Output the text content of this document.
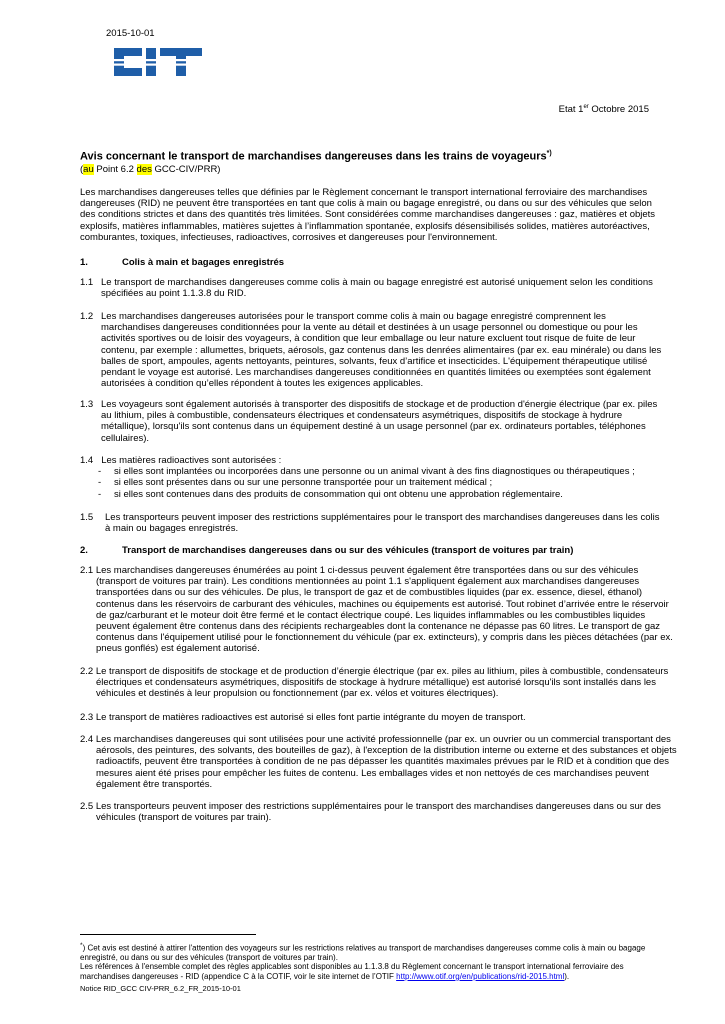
2015-10-01
Etat 1er Octobre 2015
Avis concernant le transport de marchandises dangereuses dans les trains de voyageurs*)
(au Point 6.2 des GCC-CIV/PRR)

Les marchandises dangereuses telles que définies par le Règlement concernant le transport international ferroviaire des marchandises dangereuses (RID) ne peuvent être transportées en tant que colis à main ou bagage enregistré, ou dans ou sur des véhicules que selon des conditions strictes et dans des quantités très limitées. Sont considérées comme marchandises dangereuses : gaz, matières et objets explosifs, matières inflammables, matières sujettes à l’inflammation spontanée, explosifs désensibilisés solides, matières autoréactives, comburantes, toxiques, infectieuses, radioactives, corrosives et dangereuses pour l'environnement.

1.	Colis à main et bagages enregistrés
1.1 Le transport de marchandises dangereuses comme colis à main ou bagage enregistré est autorisé uniquement selon les conditions spécifiées au point 1.1.3.8 du RID.

1.2 Les marchandises dangereuses autorisées pour le transport comme colis à main ou bagage enregistré comprennent les marchandises dangereuses conditionnées pour la vente au détail et destinées à un usage personnel ou domestique ou pour les activités sportives ou de loisir des voyageurs, à condition que leur emballage ou leur nature excluent tout risque de fuite de leur contenu, par exemple : allumettes, briquets, aérosols, gaz contenus dans les denrées alimentaires (par ex. eau minérale) ou dans les balles de sport, ampoules, agents nettoyants, peintures, solvants, feux d’artifice et insecticides. L'équipement thérapeutique utilisé pendant le voyage est autorisé. Les marchandises dangereuses conditionnées en quantités limitées ou exemptées sont également autorisées à condition qu’elles répondent à toutes les exigences applicables.

1.3 Les voyageurs sont également autorisés à transporter des dispositifs de stockage et de production d'énergie électrique (par ex. piles au lithium, piles à combustible, condensateurs électriques et condensateurs asymétriques, dispositifs de stockage à hydrure métallique), lorsqu'ils sont contenus dans un équipement destiné à un usage personnel (par ex. ordinateurs portables, téléphones cellulaires).

1.4 Les matières radioactives sont autorisées :
- si elles sont implantées ou incorporées dans une personne ou un animal vivant à des fins diagnostiques ou thérapeutiques ;
- si elles sont présentes dans ou sur une personne transportée pour un traitement médical ;
- si elles sont contenues dans des produits de consommation qui ont obtenu une approbation réglementaire.
1.5 Les transporteurs peuvent imposer des restrictions supplémentaires pour le transport des marchandises dangereuses dans les colis à main ou bagages enregistrés.

2.	Transport de marchandises dangereuses dans ou sur des véhicules (transport de voitures par train)

2.1 Les marchandises dangereuses énumérées au point 1 ci-dessus peuvent également être transportées dans ou sur des véhicules (transport de voitures par train). Les conditions mentionnées au point 1.1 s'appliquent également aux marchandises dangereuses transportées dans ou sur des véhicules. De plus, le transport de gaz et de combustibles liquides (par ex. essence, diesel, éthanol) contenus dans les réservoirs de carburant des véhicules, machines ou équipements est autorisé. Tout robinet d’arrivée entre le réservoir de gaz/carburant et le moteur doit être fermé et le contact électrique coupé. Les liquides inflammables ou les combustibles liquides peuvent également être contenus dans des récipients rechargeables dont la contenance ne dépasse pas 60 litres. Le transport de gaz contenus dans l'équipement utilisé pour le fonctionnement du véhicule (par ex. extincteurs), y compris dans les pièces détachées (par ex. pneus gonflés) est également autorisé.

2.2 Le transport de dispositifs de stockage et de production d’énergie électrique (par ex. piles au lithium, piles à combustible, condensateurs électriques et condensateurs asymétriques, dispositifs de stockage à hydrure métallique) est autorisé lorsqu'ils sont installés dans les véhicules et destinés à leur propulsion ou fonctionnement (par ex. vélos et voitures électriques).

2.3 Le transport de matières radioactives est autorisé si elles font partie intégrante du moyen de transport.

2.4 Les marchandises dangereuses qui sont utilisées pour une activité professionnelle (par ex. un ouvrier ou un commercial transportant des aérosols, des peintures, des solvants, des bouteilles de gaz), à l'exception de la distribution interne ou externe et des substances et objets radioactifs, peuvent être transportées à condition de ne pas dépasser les quantités maximales prévues par le RID et à condition que des mesures aient été prises pour empêcher les fuites de contenu. Les emballages vides et non nettoyés de ces marchandises peuvent également être transportés.

2.5 Les transporteurs peuvent imposer des restrictions supplémentaires pour le transport des marchandises dangereuses dans ou sur des véhicules (transport de voitures par train).

*) Cet avis est destiné à attirer l'attention des voyageurs sur les restrictions relatives au transport de marchandises dangereuses comme colis à main ou bagage enregistré, ou dans ou sur des véhicules (transport de voitures par train).
Les références à l'ensemble complet des règles applicables sont disponibles au 1.1.3.8 du Règlement concernant le transport international ferroviaire des marchandises dangereuses - RID (appendice C à la COTIF, voir le site internet de l’OTIF http://www.otif.org/en/publications/rid-2015.html).
Notice RID_GCC CIV-PRR_6.2_FR_2015-10-01
